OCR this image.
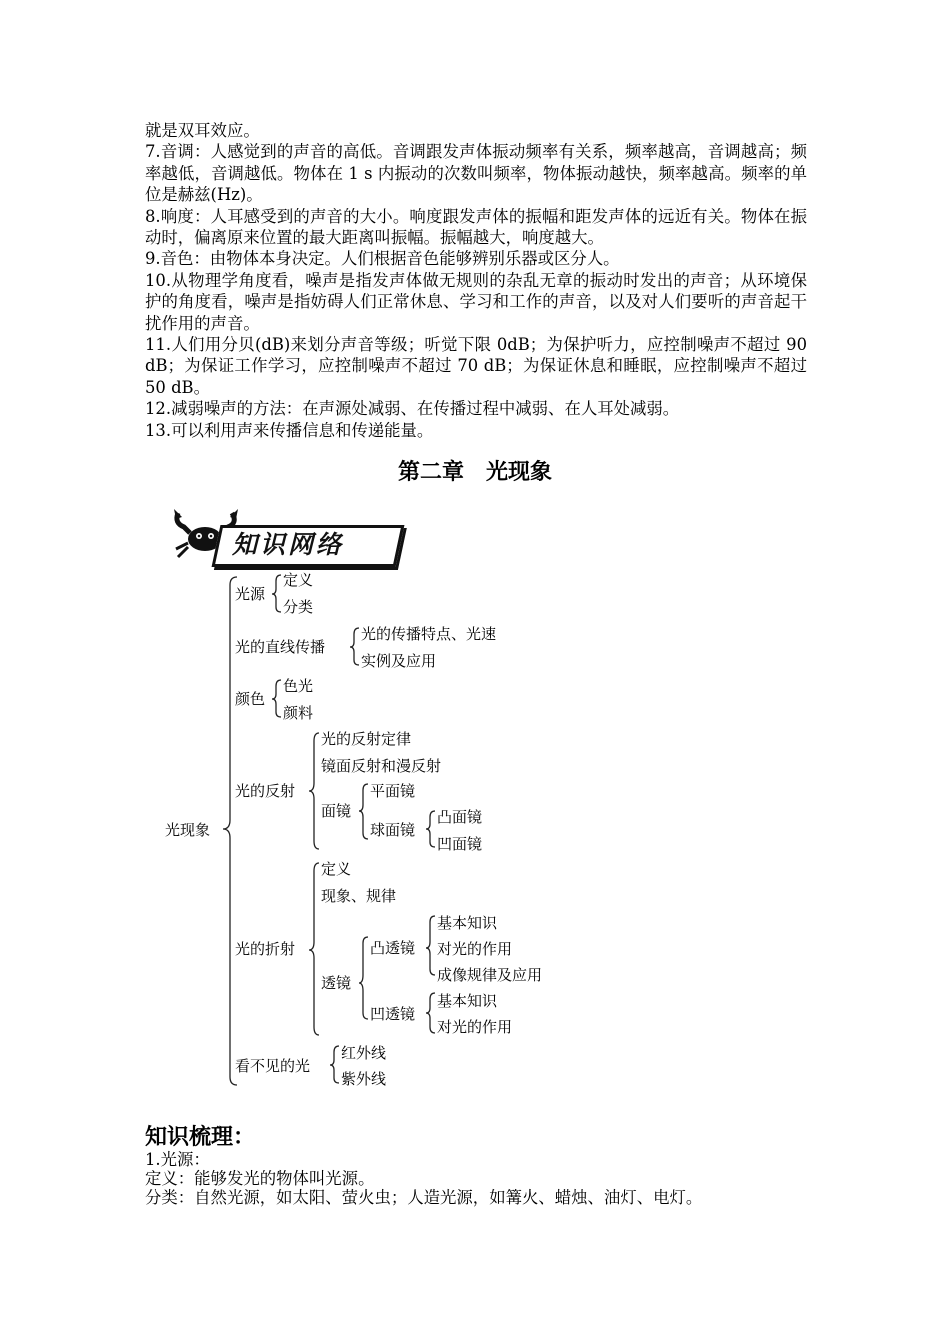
就是双耳效应。

7.音调：人感觉到的声音的高低。音调跟发声体振动频率有关系，频率越高，音调越高；频率越低，音调越低。物体在 1 s 内振动的次数叫频率，物体振动越快，频率越高。频率的单位是赫兹(Hz)。

8.响度：人耳感受到的声音的大小。响度跟发声体的振幅和距发声体的远近有关。物体在振动时，偏离原来位置的最大距离叫振幅。振幅越大，响度越大。

9.音色：由物体本身决定。人们根据音色能够辨别乐器或区分人。

10.从物理学角度看，噪声是指发声体做无规则的杂乱无章的振动时发出的声音；从环境保护的角度看，噪声是指妨碍人们正常休息、学习和工作的声音，以及对人们要听的声音起干扰作用的声音。

11.人们用分贝(dB)来划分声音等级；听觉下限 0dB；为保护听力，应控制噪声不超过 90 dB；为保证工作学习，应控制噪声不超过 70 dB；为保证休息和睡眠，应控制噪声不超过 50 dB。

12.减弱噪声的方法：在声源处减弱、在传播过程中减弱、在人耳处减弱。

13.可以利用声来传播信息和传递能量。

第二章　光现象
知识网络
光现象
光源
定义
分类
光的直线传播
光的传播特点、光速
实例及应用
颜色
色光
颜料
光的反射
光的反射定律
镜面反射和漫反射
面镜
平面镜
球面镜
凸面镜
凹面镜
光的折射
定义
现象、规律
透镜
凸透镜
凹透镜
基本知识
对光的作用
成像规律及应用
基本知识
对光的作用
看不见的光
红外线
紫外线
知识梳理：

1.光源：

定义：能够发光的物体叫光源。

分类：自然光源，如太阳、萤火虫；人造光源，如篝火、蜡烛、油灯、电灯。
